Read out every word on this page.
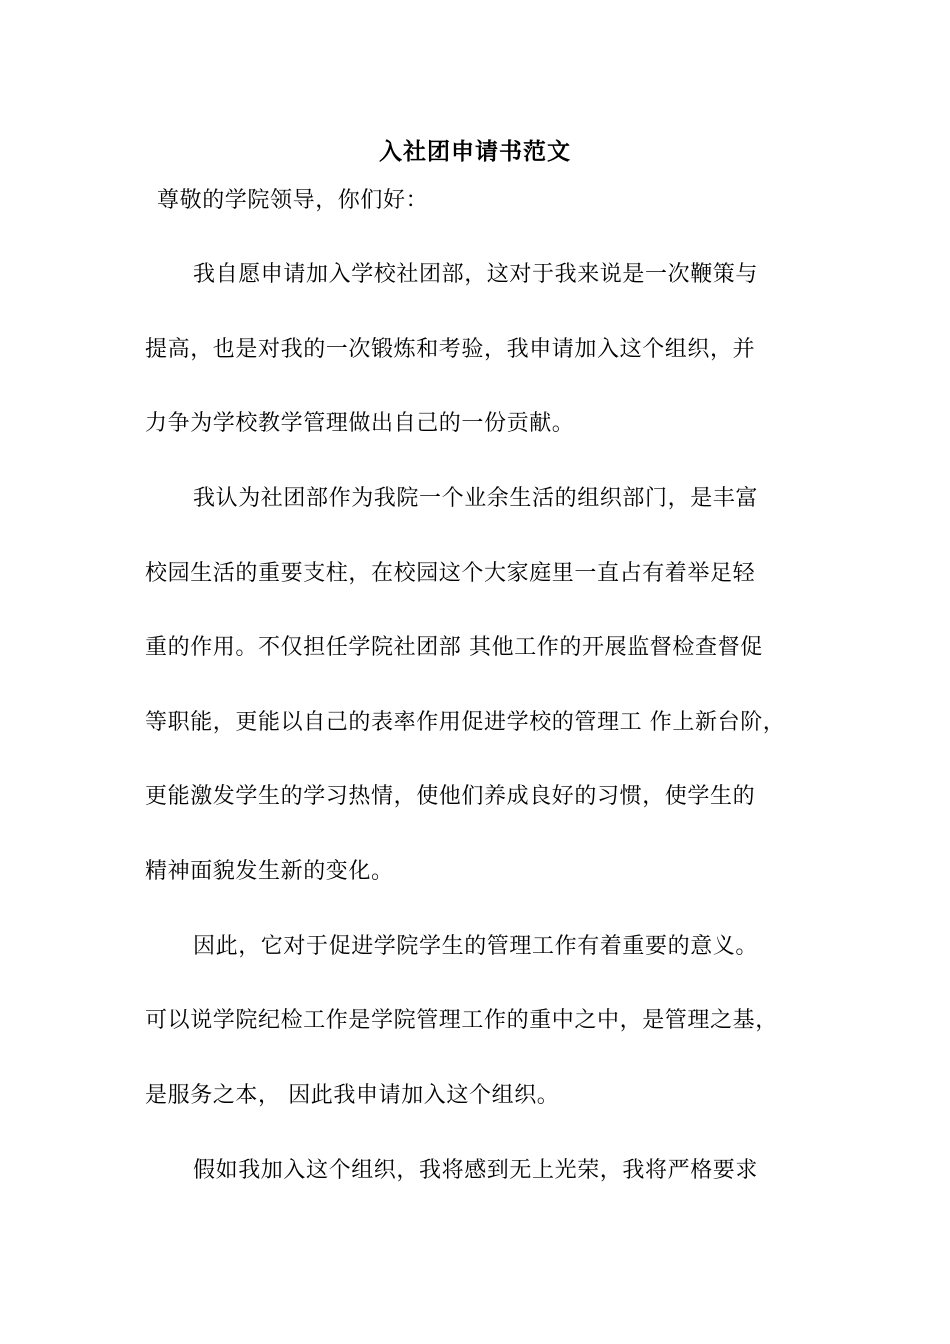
入社团申请书范文
尊敬的学院领导，你们好：
我自愿申请加入学校社团部，这对于我来说是一次鞭策与
提高，也是对我的一次锻炼和考验，我申请加入这个组织，并
力争为学校教学管理做出自己的一份贡献。
我认为社团部作为我院一个业余生活的组织部门，是丰富
校园生活的重要支柱，在校园这个大家庭里一直占有着举足轻
重的作用。不仅担任学院社团部 其他工作的开展监督检查督促
等职能，更能以自己的表率作用促进学校的管理工 作上新台阶，
更能激发学生的学习热情，使他们养成良好的习惯，使学生的
精神面貌发生新的变化。
因此，它对于促进学院学生的管理工作有着重要的意义。
可以说学院纪检工作是学院管理工作的重中之中，是管理之基，
是服务之本， 因此我申请加入这个组织。
假如我加入这个组织，我将感到无上光荣，我将严格要求
